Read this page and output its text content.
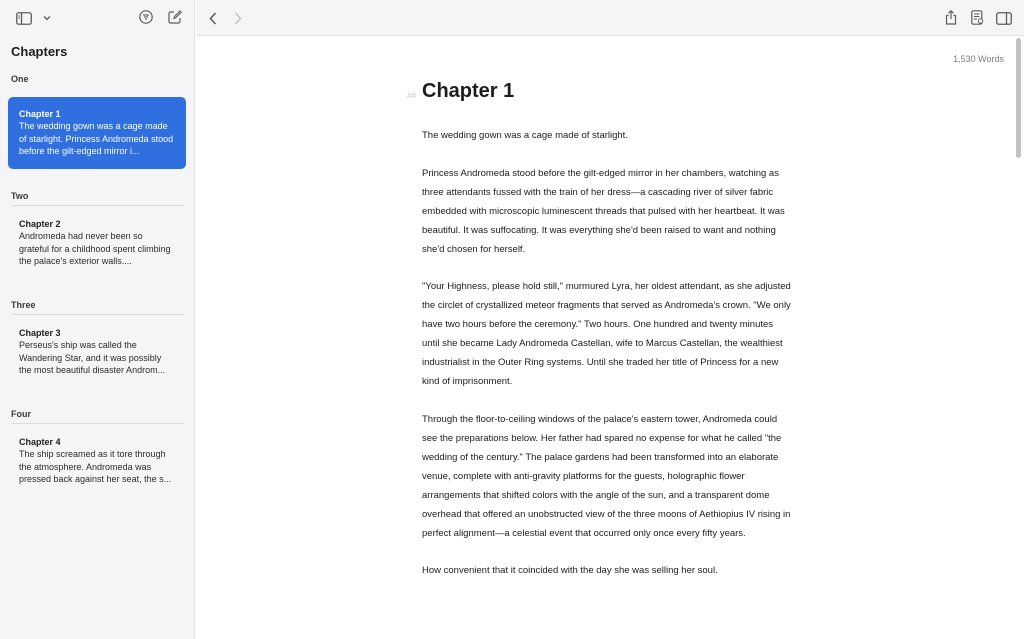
Chapters
One
Chapter 1
The wedding gown was a cage made of starlight. Princess Andromeda stood before the gilt-edged mirror i...
Two
Chapter 2
Andromeda had never been so grateful for a childhood spent climbing the palace's exterior walls....
Three
Chapter 3
Perseus's ship was called the Wandering Star, and it was possibly the most beautiful disaster Androm...
Four
Chapter 4
The ship screamed as it tore through the atmosphere. Andromeda was pressed back against her seat, the s...
1,530 Words
## Chapter 1

The wedding gown was a cage made of starlight.

Princess Andromeda stood before the gilt-edged mirror in her chambers, watching as three attendants fussed with the train of her dress—a cascading river of silver fabric embedded with microscopic luminescent threads that pulsed with her heartbeat. It was beautiful. It was suffocating. It was everything she'd been raised to want and nothing she'd chosen for herself.

"Your Highness, please hold still," murmured Lyra, her oldest attendant, as she adjusted the circlet of crystallized meteor fragments that served as Andromeda's crown. "We only have two hours before the ceremony." Two hours. One hundred and twenty minutes until she became Lady Andromeda Castellan, wife to Marcus Castellan, the wealthiest industrialist in the Outer Ring systems. Until she traded her title of Princess for a new kind of imprisonment.

Through the floor-to-ceiling windows of the palace's eastern tower, Andromeda could see the preparations below. Her father had spared no expense for what he called "the wedding of the century." The palace gardens had been transformed into an elaborate venue, complete with anti-gravity platforms for the guests, holographic flower arrangements that shifted colors with the angle of the sun, and a transparent dome overhead that offered an unobstructed view of the three moons of Aethiopius IV rising in perfect alignment—a celestial event that occurred only once every fifty years.

How convenient that it coincided with the day she was selling her soul.
